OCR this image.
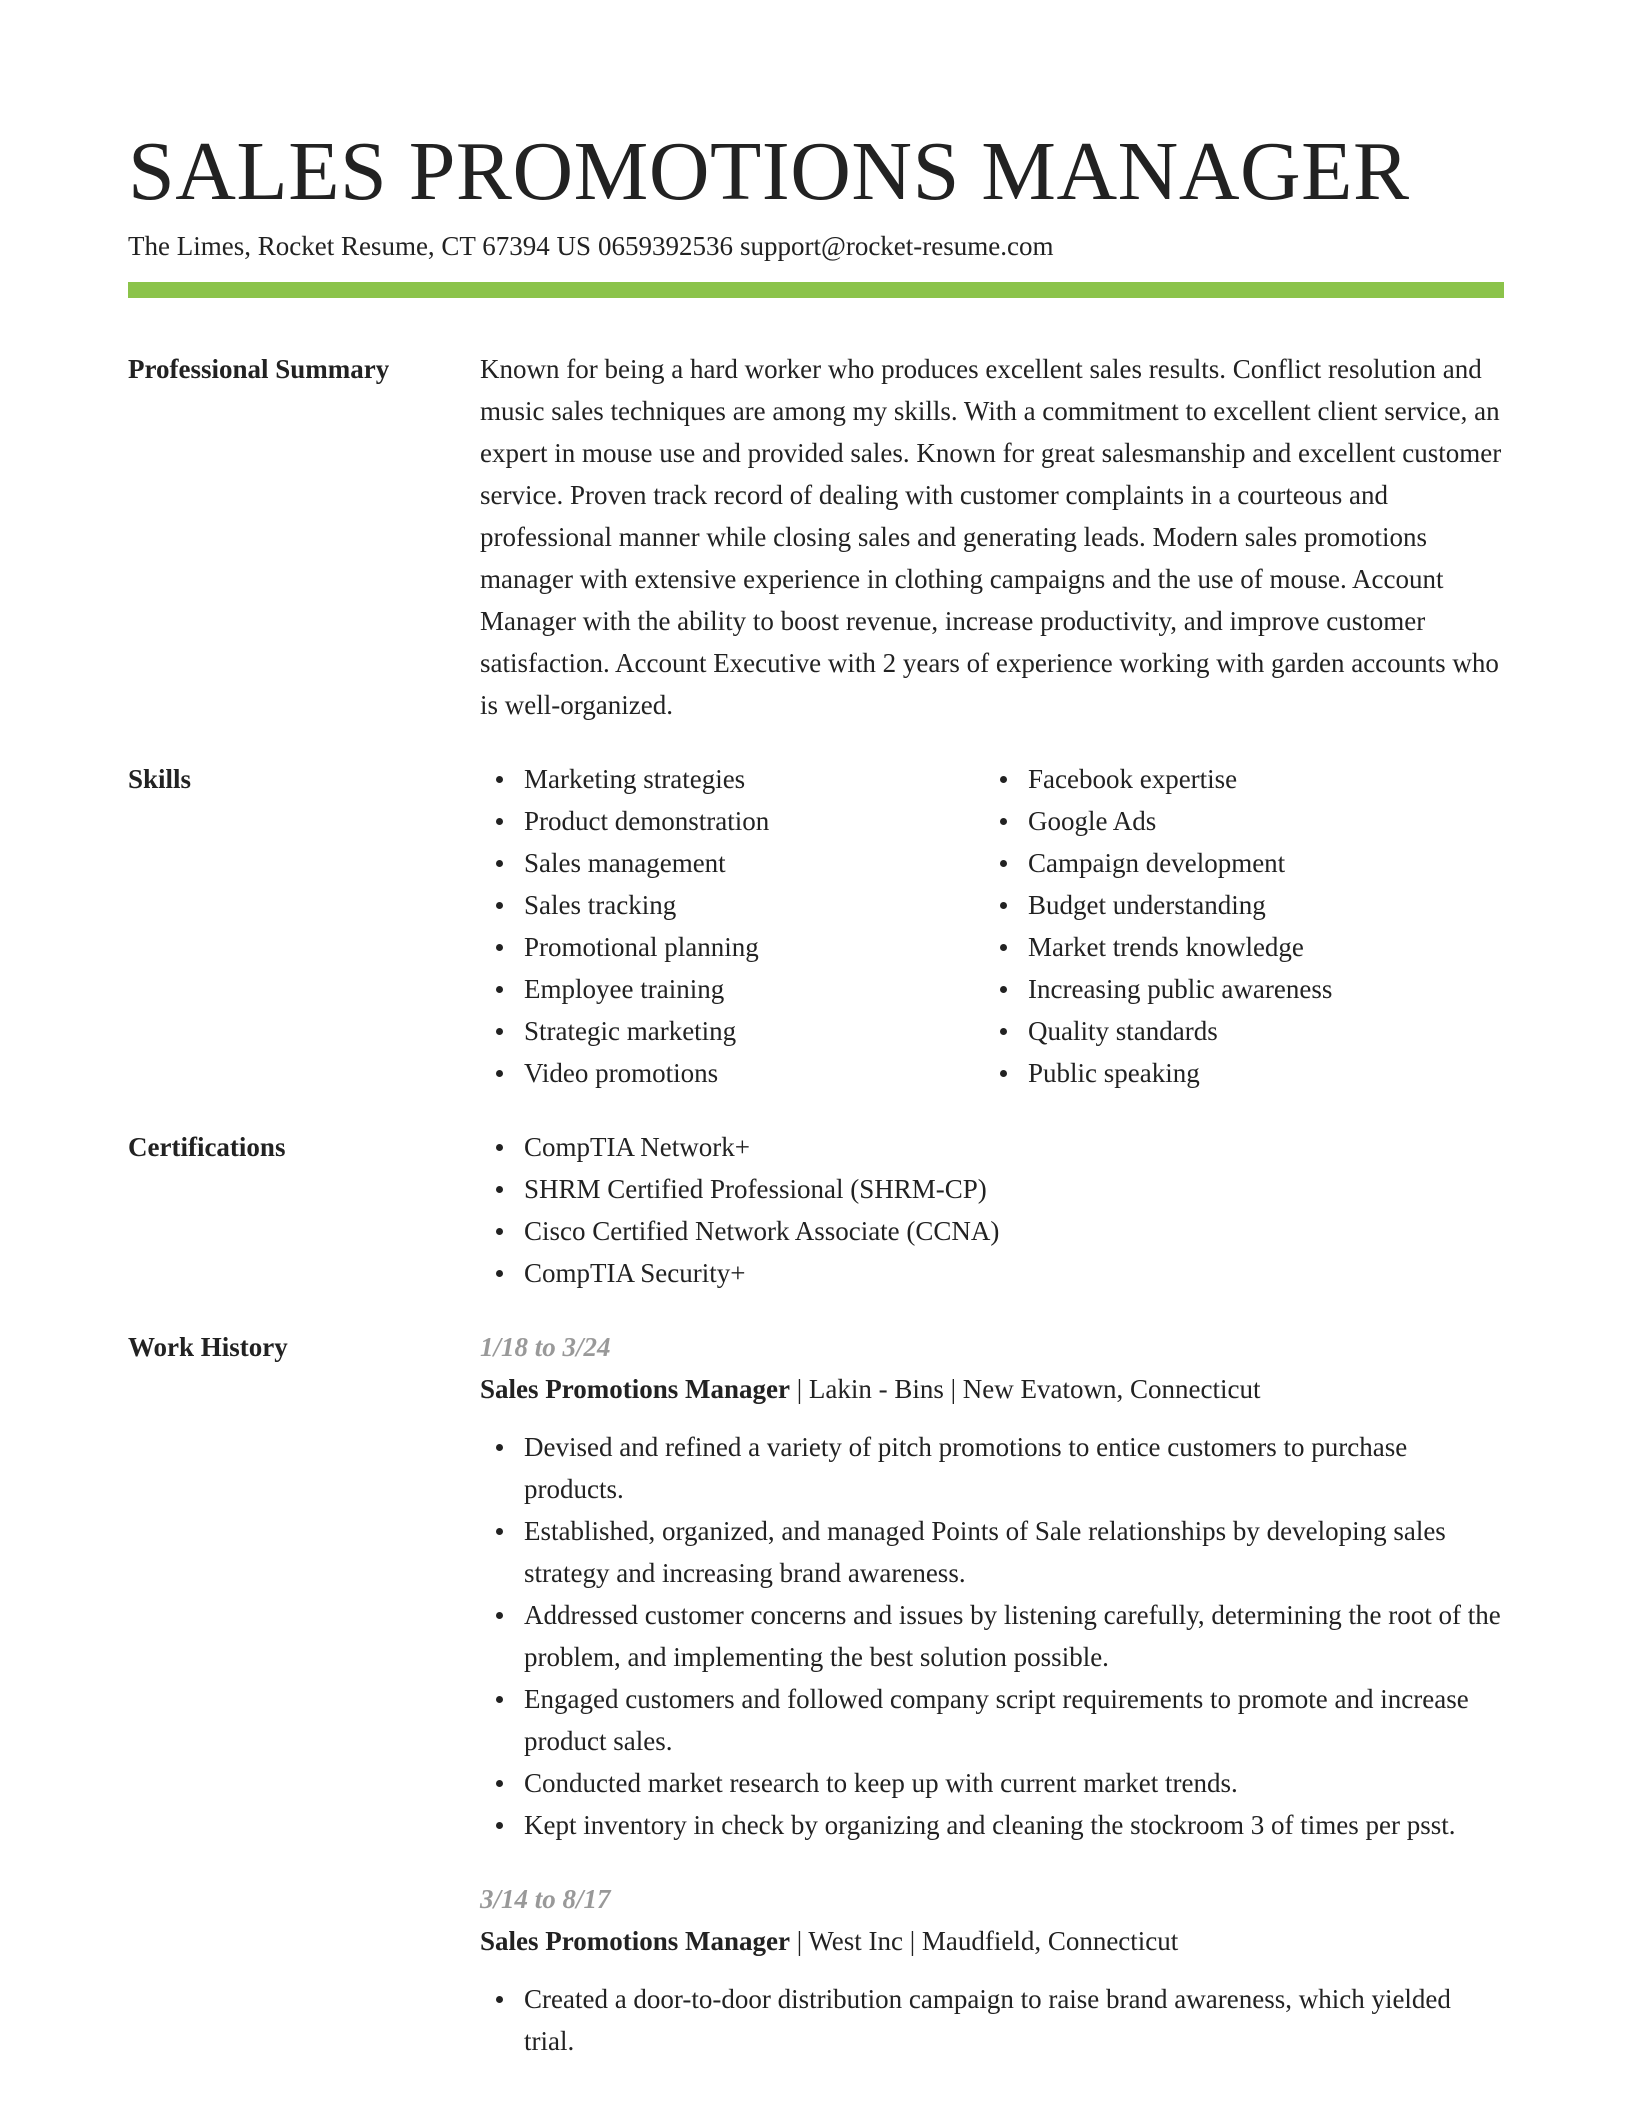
SALES PROMOTIONS MANAGER
The Limes, Rocket Resume, CT 67394 US 0659392536 support@rocket-resume.com
Professional Summary	Known for being a hard worker who produces excellent sales results. Conflict resolution and music sales techniques are among my skills. With a commitment to excellent client service, an expert in mouse use and provided sales. Known for great salesmanship and excellent customer service. Proven track record of dealing with customer complaints in a courteous and professional manner while closing sales and generating leads. Modern sales promotions manager with extensive experience in clothing campaigns and the use of mouse. Account Manager with the ability to boost revenue, increase productivity, and improve customer satisfaction. Account Executive with 2 years of experience working with garden accounts who is well-organized.

Skills	Marketing strategies
Product demonstration
Sales management
Sales tracking
Promotional planning
Employee training
Strategic marketing
Video promotions
Facebook expertise
Google Ads
Campaign development
Budget understanding
Market trends knowledge
Increasing public awareness
Quality standards
Public speaking
Certifications	CompTIA Network+
SHRM Certified Professional (SHRM-CP)
Cisco Certified Network Associate (CCNA)
CompTIA Security+
Work History	1/18 to 3/24
Sales Promotions Manager | Lakin - Bins | New Evatown, Connecticut
Devised and refined a variety of pitch promotions to entice customers to purchase products.
Established, organized, and managed Points of Sale relationships by developing sales strategy and increasing brand awareness.
Addressed customer concerns and issues by listening carefully, determining the root of the problem, and implementing the best solution possible.
Engaged customers and followed company script requirements to promote and increase product sales.
Conducted market research to keep up with current market trends.
Kept inventory in check by organizing and cleaning the stockroom 3 of times per psst.
3/14 to 8/17
Sales Promotions Manager | West Inc | Maudfield, Connecticut
Created a door-to-door distribution campaign to raise brand awareness, which yielded trial.
